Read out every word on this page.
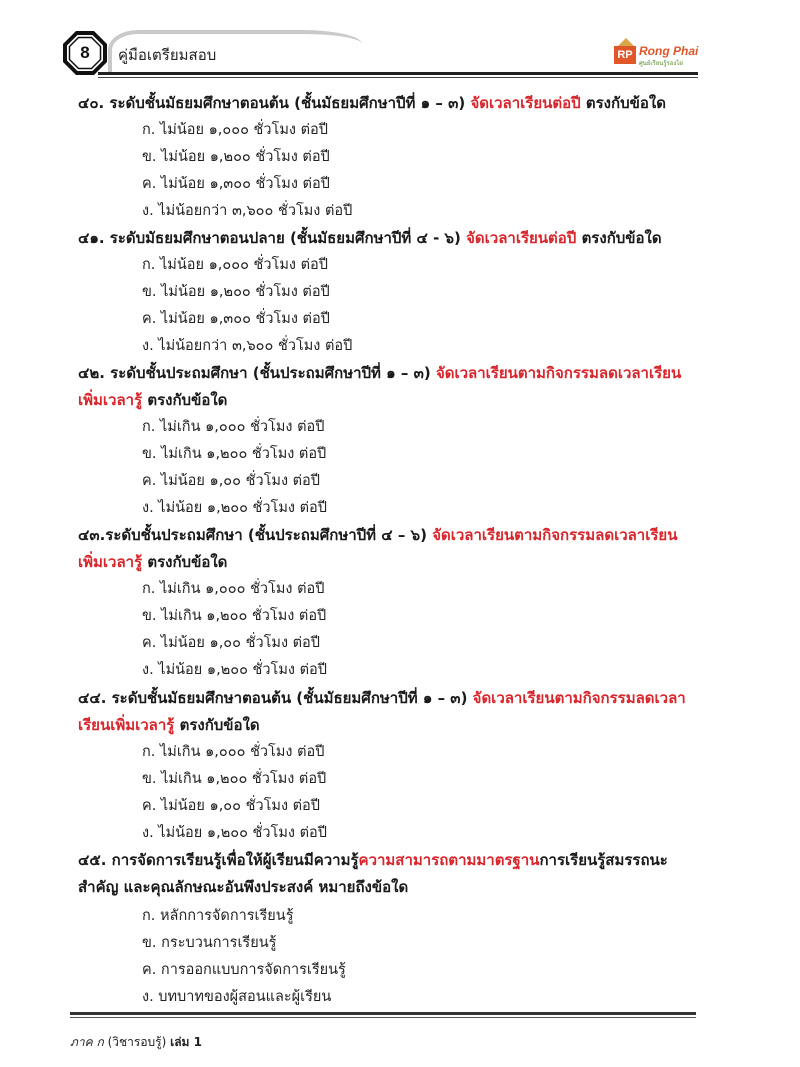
8	คู่มือเตรียมสอบ	RP Rong Phai
ศูนย์เรียนรู้รองไผ่
๔๐. ระดับชั้นมัธยมศึกษาตอนต้น (ชั้นมัธยมศึกษาปีที่ ๑ – ๓) จัดเวลาเรียนต่อปี ตรงกับข้อใด
ก. ไม่น้อย ๑,๐๐๐ ชั่วโมง ต่อปี
ข. ไม่น้อย ๑,๒๐๐ ชั่วโมง ต่อปี
ค. ไม่น้อย ๑,๓๐๐ ชั่วโมง ต่อปี
ง. ไม่น้อยกว่า ๓,๖๐๐ ชั่วโมง ต่อปี
๔๑. ระดับมัธยมศึกษาตอนปลาย (ชั้นมัธยมศึกษาปีที่ ๔ - ๖) จัดเวลาเรียนต่อปี ตรงกับข้อใด
ก. ไม่น้อย ๑,๐๐๐ ชั่วโมง ต่อปี
ข. ไม่น้อย ๑,๒๐๐ ชั่วโมง ต่อปี
ค. ไม่น้อย ๑,๓๐๐ ชั่วโมง ต่อปี
ง. ไม่น้อยกว่า ๓,๖๐๐ ชั่วโมง ต่อปี
๔๒. ระดับชั้นประถมศึกษา (ชั้นประถมศึกษาปีที่ ๑ – ๓) จัดเวลาเรียนตามกิจกรรมลดเวลาเรียน
เพิ่มเวลารู้ ตรงกับข้อใด
ก. ไม่เกิน ๑,๐๐๐ ชั่วโมง ต่อปี
ข. ไม่เกิน ๑,๒๐๐ ชั่วโมง ต่อปี
ค. ไม่น้อย ๑,๐๐ ชั่วโมง ต่อปี
ง. ไม่น้อย ๑,๒๐๐ ชั่วโมง ต่อปี
๔๓.ระดับชั้นประถมศึกษา (ชั้นประถมศึกษาปีที่ ๔ – ๖) จัดเวลาเรียนตามกิจกรรมลดเวลาเรียน
เพิ่มเวลารู้ ตรงกับข้อใด
ก. ไม่เกิน ๑,๐๐๐ ชั่วโมง ต่อปี
ข. ไม่เกิน ๑,๒๐๐ ชั่วโมง ต่อปี
ค. ไม่น้อย ๑,๐๐ ชั่วโมง ต่อปี
ง. ไม่น้อย ๑,๒๐๐ ชั่วโมง ต่อปี
๔๔. ระดับชั้นมัธยมศึกษาตอนต้น (ชั้นมัธยมศึกษาปีที่ ๑ – ๓) จัดเวลาเรียนตามกิจกรรมลดเวลา
เรียนเพิ่มเวลารู้ ตรงกับข้อใด
ก. ไม่เกิน ๑,๐๐๐ ชั่วโมง ต่อปี
ข. ไม่เกิน ๑,๒๐๐ ชั่วโมง ต่อปี
ค. ไม่น้อย ๑,๐๐ ชั่วโมง ต่อปี
ง. ไม่น้อย ๑,๒๐๐ ชั่วโมง ต่อปี
๔๕. การจัดการเรียนรู้เพื่อให้ผู้เรียนมีความรู้ความสามารถตามมาตรฐานการเรียนรู้สมรรถนะ
สำคัญ และคุณลักษณะอันพึงประสงค์ หมายถึงข้อใด
ก. หลักการจัดการเรียนรู้
ข. กระบวนการเรียนรู้
ค. การออกแบบการจัดการเรียนรู้
ง. บทบาทของผู้สอนและผู้เรียน
ภาค ก (วิชารอบรู้) เล่ม 1
